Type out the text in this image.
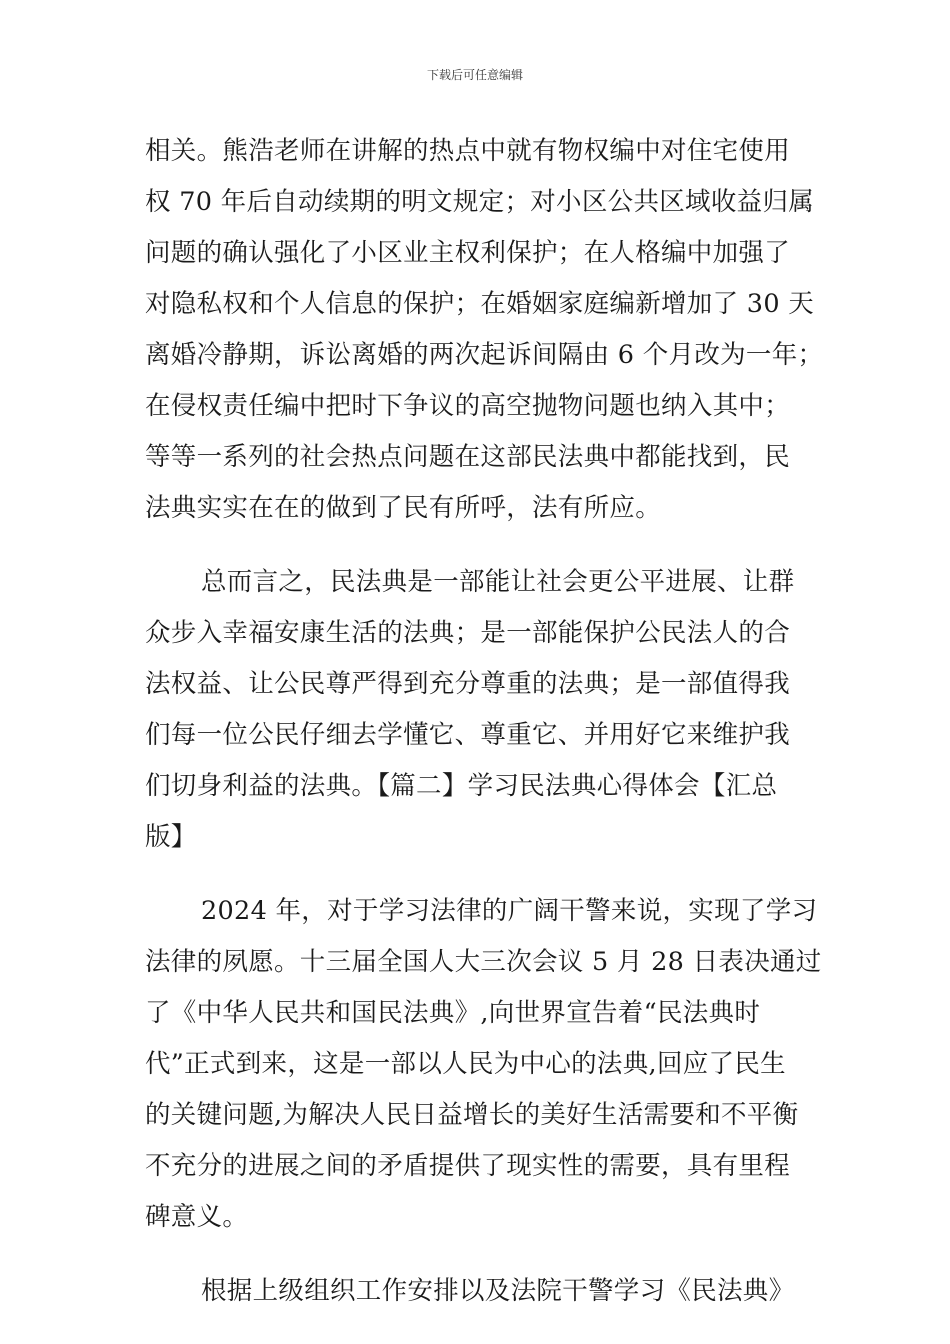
下载后可任意编辑
相关。熊浩老师在讲解的热点中就有物权编中对住宅使用
权 70 年后自动续期的明文规定；对小区公共区域收益归属
问题的确认强化了小区业主权利保护；在人格编中加强了
对隐私权和个人信息的保护；在婚姻家庭编新增加了 30 天
离婚冷静期，诉讼离婚的两次起诉间隔由 6 个月改为一年；
在侵权责任编中把时下争议的高空抛物问题也纳入其中；
等等一系列的社会热点问题在这部民法典中都能找到，民
法典实实在在的做到了民有所呼，法有所应。
总而言之，民法典是一部能让社会更公平进展、让群
众步入幸福安康生活的法典；是一部能保护公民法人的合
法权益、让公民尊严得到充分尊重的法典；是一部值得我
们每一位公民仔细去学懂它、尊重它、并用好它来维护我
们切身利益的法典。【篇二】学习民法典心得体会【汇总
版】
2024 年，对于学习法律的广阔干警来说，实现了学习
法律的夙愿。十三届全国人大三次会议 5 月 28 日表决通过
了《中华人民共和国民法典》,向世界宣告着“民法典时
代”正式到来，这是一部以人民为中心的法典,回应了民生
的关键问题,为解决人民日益增长的美好生活需要和不平衡
不充分的进展之间的矛盾提供了现实性的需要，具有里程
碑意义。
根据上级组织工作安排以及法院干警学习《民法典》
